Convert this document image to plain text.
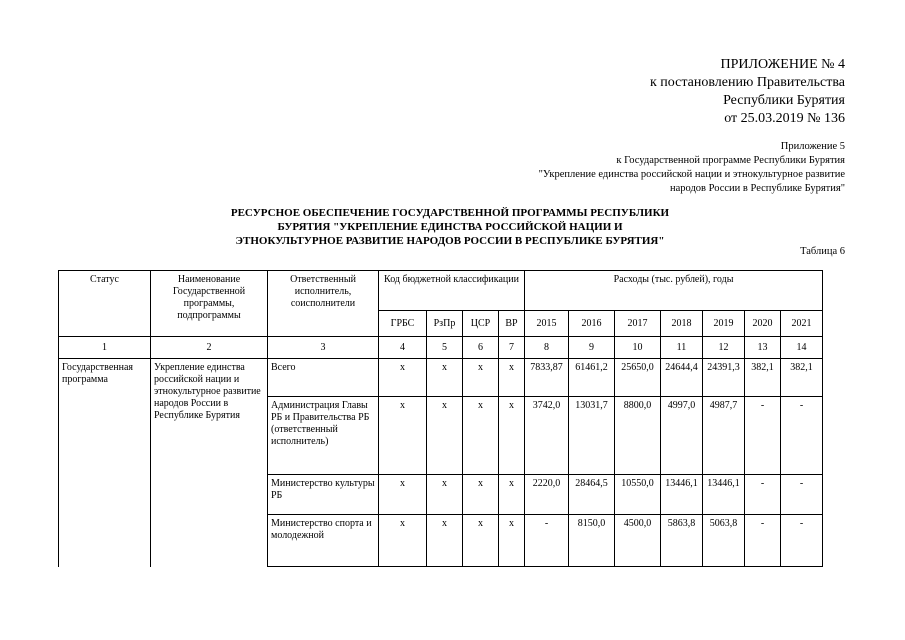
ПРИЛОЖЕНИЕ № 4
к постановлению Правительства
Республики Бурятия
от 25.03.2019 № 136
Приложение 5
к Государственной программе Республики Бурятия
"Укрепление единства российской нации и этнокультурное развитие
народов России в Республике Бурятия"
РЕСУРСНОЕ ОБЕСПЕЧЕНИЕ ГОСУДАРСТВЕННОЙ ПРОГРАММЫ РЕСПУБЛИКИ
БУРЯТИЯ "УКРЕПЛЕНИЕ ЕДИНСТВА РОССИЙСКОЙ НАЦИИ И
ЭТНОКУЛЬТУРНОЕ РАЗВИТИЕ НАРОДОВ РОССИИ В РЕСПУБЛИКЕ БУРЯТИЯ"
Таблица 6
Статус	Наименование Государственной программы, подпрограммы	Ответственный исполнитель, соисполнители	Код бюджетной классификации				Расходы (тыс. рублей), годы						
			ГРБС	РзПр	ЦСР	ВР	2015	2016	2017	2018	2019	2020	2021
1	2	3	4	5	6	7	8	9	10	11	12	13	14
Государственная программа	Укрепление единства российской нации и этнокультурное развитие народов России в Республике Бурятия	Всего	х	х	х	х	7833,87	61461,2	25650,0	24644,4	24391,3	382,1	382,1
		Администрация Главы РБ и Правительства РБ (ответственный исполнитель)	х	х	х	х	3742,0	13031,7	8800,0	4997,0	4987,7	-	-
		Министерство культуры РБ	х	х	х	х	2220,0	28464,5	10550,0	13446,1	13446,1	-	-
		Министерство спорта и молодежной	х	х	х	х	-	8150,0	4500,0	5863,8	5063,8	-	-
